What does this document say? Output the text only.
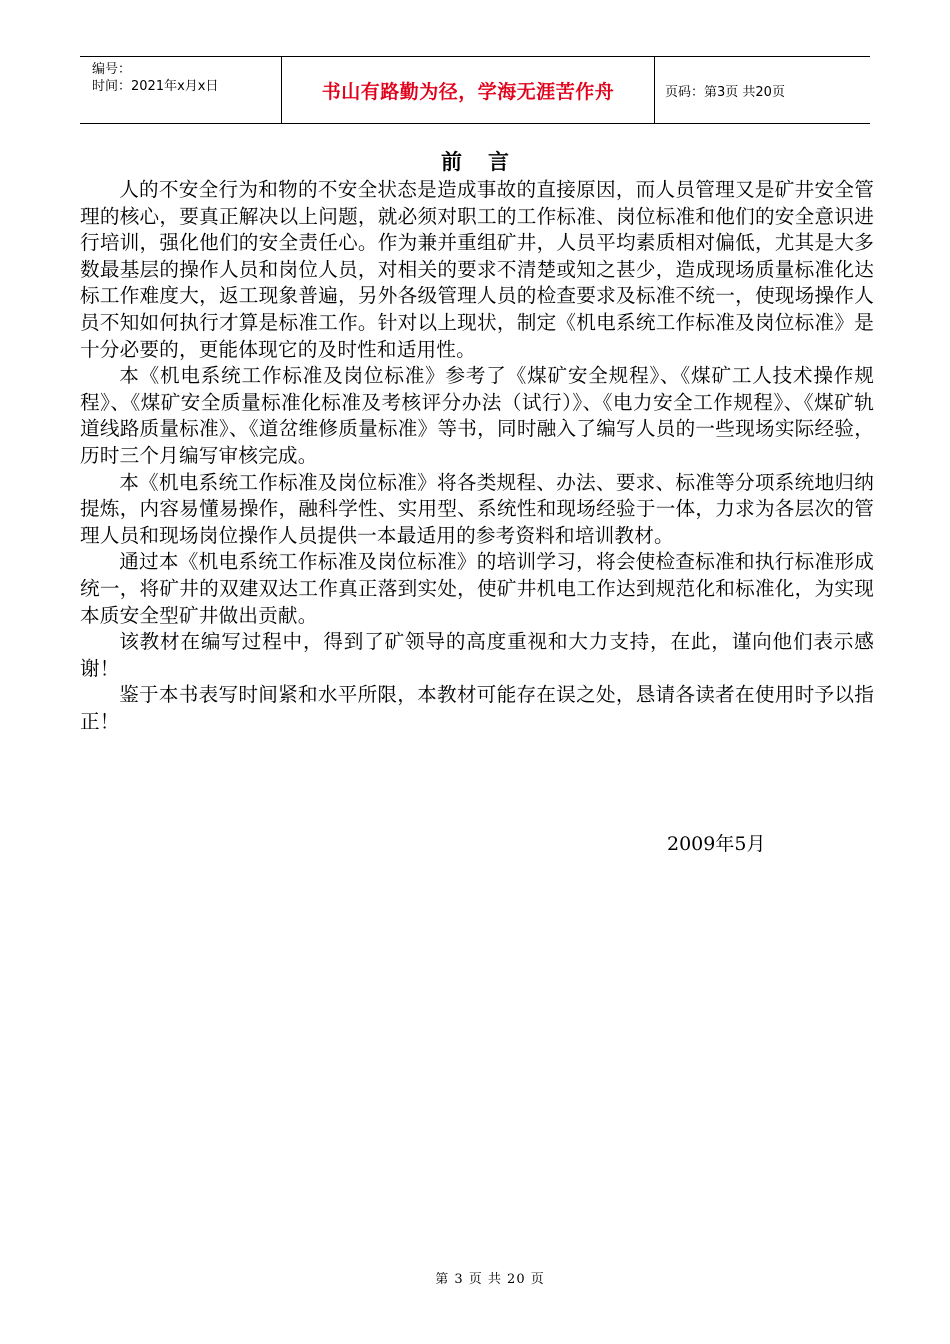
编号：
时间：2021年x月x日	书山有路勤为径，学海无涯苦作舟	页码：第3页 共20页
前言

人的不安全行为和物的不安全状态是造成事故的直接原因，而人员管理又是矿井安全管理的核心，要真正解决以上问题，就必须对职工的工作标准、岗位标准和他们的安全意识进行培训，强化他们的安全责任心。作为兼并重组矿井，人员平均素质相对偏低，尤其是大多数最基层的操作人员和岗位人员，对相关的要求不清楚或知之甚少，造成现场质量标准化达标工作难度大，返工现象普遍，另外各级管理人员的检查要求及标准不统一，使现场操作人员不知如何执行才算是标准工作。针对以上现状，制定《机电系统工作标准及岗位标准》是十分必要的，更能体现它的及时性和适用性。

本《机电系统工作标准及岗位标准》参考了《煤矿安全规程》、《煤矿工人技术操作规程》、《煤矿安全质量标准化标准及考核评分办法（试行）》、《电力安全工作规程》、《煤矿轨道线路质量标准》、《道岔维修质量标准》等书，同时融入了编写人员的一些现场实际经验，历时三个月编写审核完成。

本《机电系统工作标准及岗位标准》将各类规程、办法、要求、标准等分项系统地归纳提炼，内容易懂易操作，融科学性、实用型、系统性和现场经验于一体，力求为各层次的管理人员和现场岗位操作人员提供一本最适用的参考资料和培训教材。

通过本《机电系统工作标准及岗位标准》的培训学习，将会使检查标准和执行标准形成统一，将矿井的双建双达工作真正落到实处，使矿井机电工作达到规范化和标准化，为实现本质安全型矿井做出贡献。

该教材在编写过程中，得到了矿领导的高度重视和大力支持，在此，谨向他们表示感谢！

鉴于本书表写时间紧和水平所限，本教材可能存在误之处，恳请各读者在使用时予以指正！

2009年5月
第 3 页 共 20 页
